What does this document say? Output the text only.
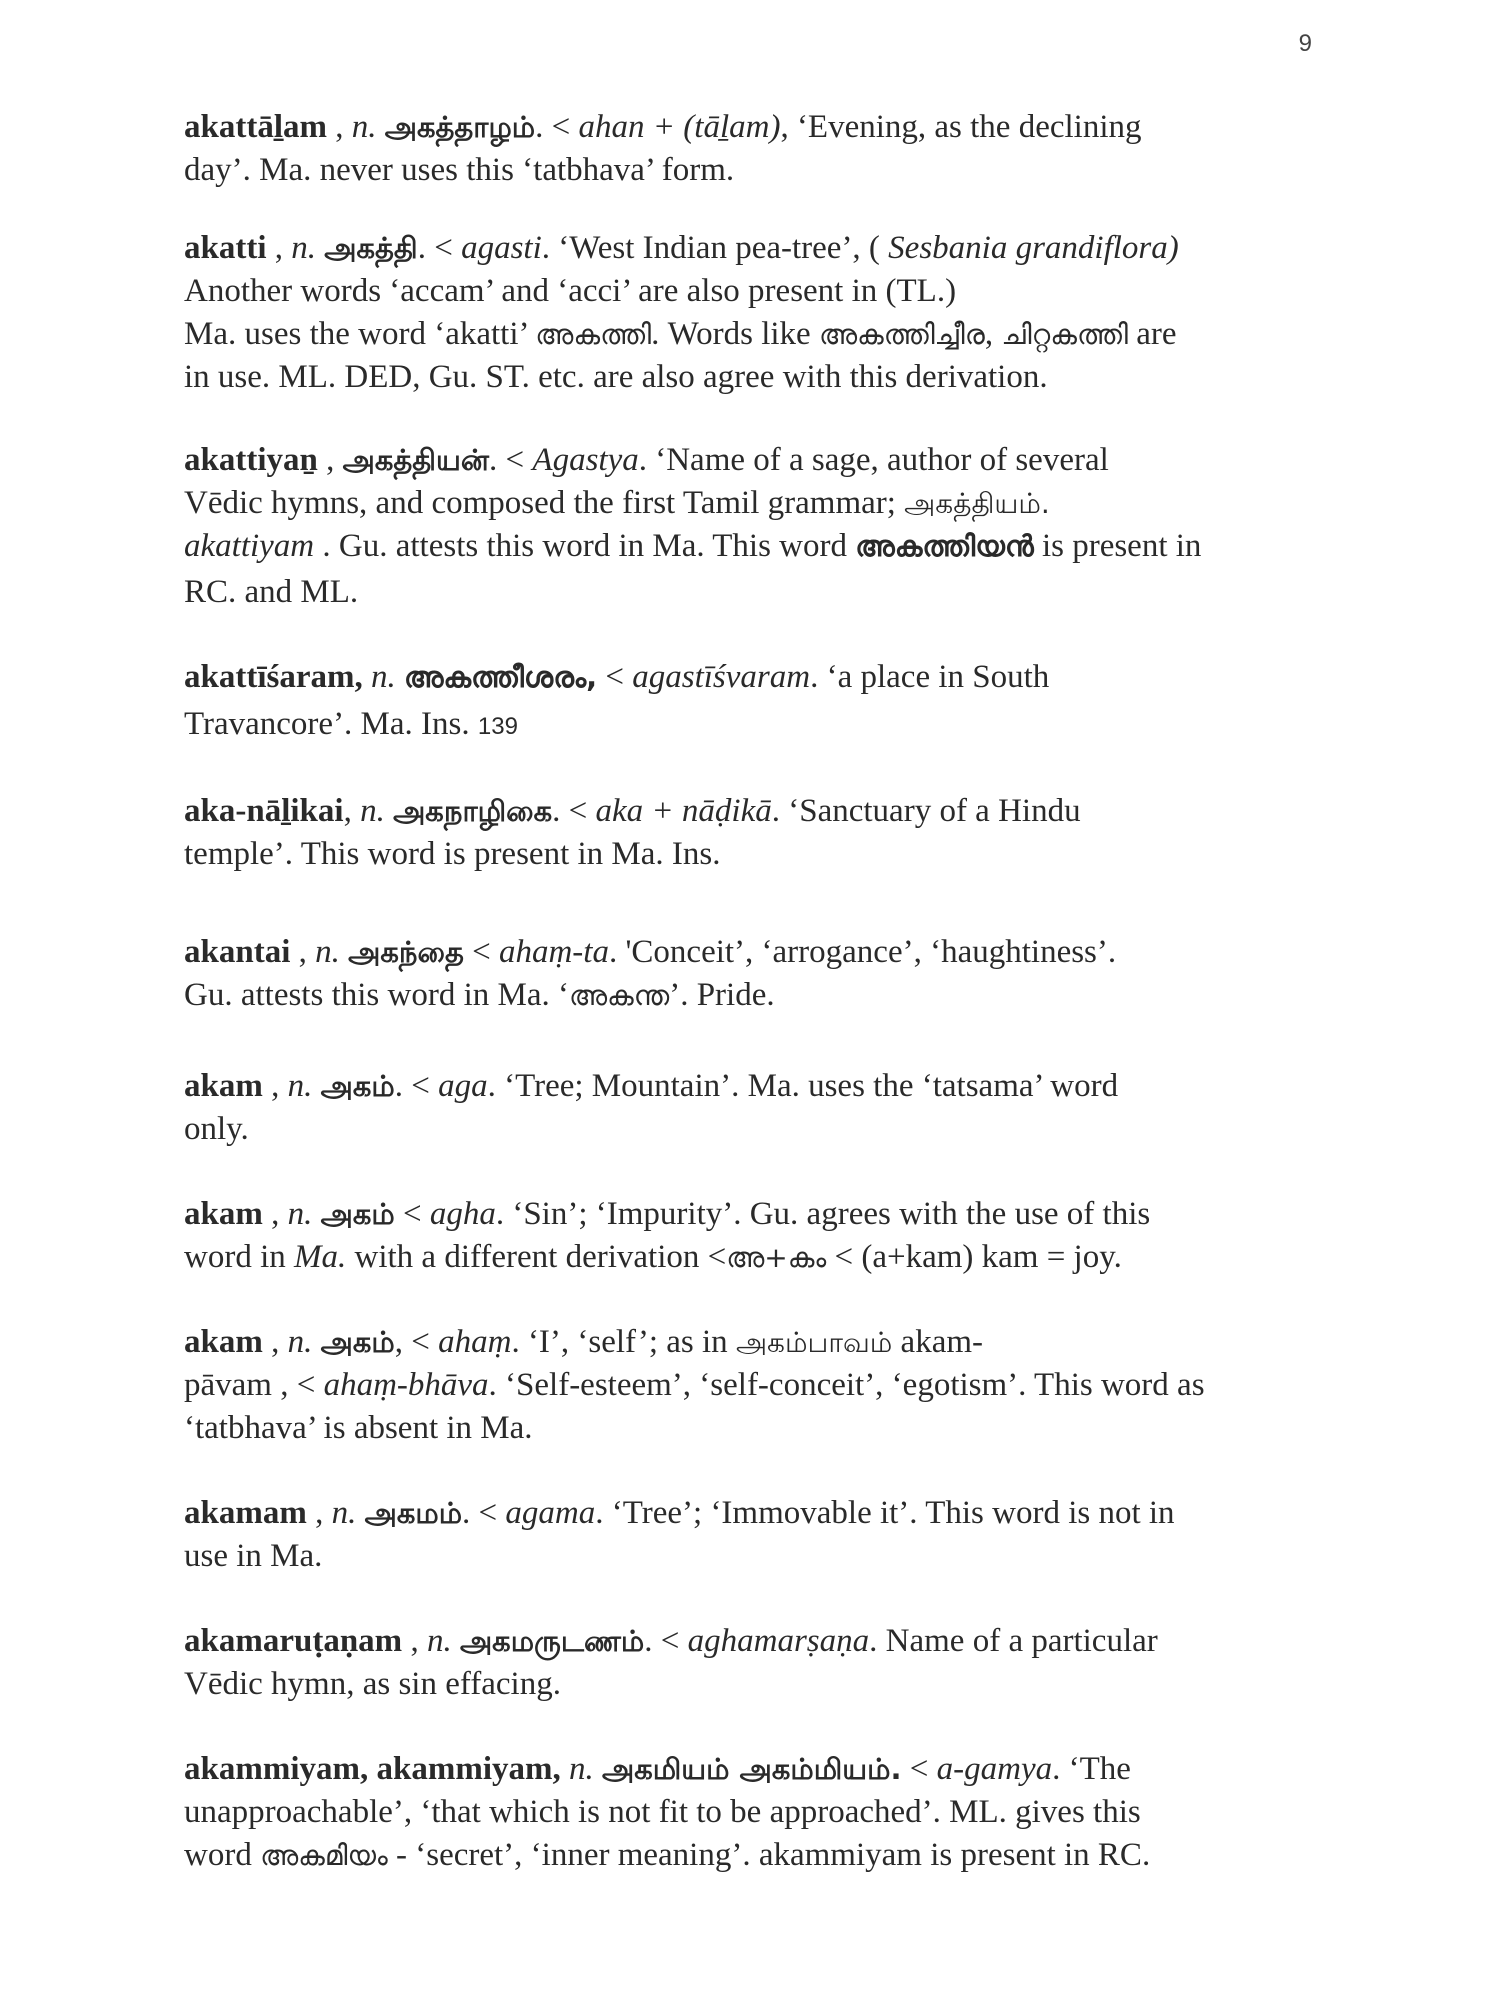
9
akattāḻam , n. அகத்தாழம். < ahan + (tāḻam), ‘Evening, as the declining
day’. Ma. never uses this ‘tatbhava’ form.
akatti , n. அகத்தி. < agasti. ‘West Indian pea-tree’, ( Sesbania grandiflora)
Another words ‘accam’ and ‘acci’ are also present in (TL.)
Ma. uses the word ‘akatti’ അകത്തി. Words like അകത്തിച്ചീര, ചിറ്റകത്തി are
in use. ML. DED, Gu. ST. etc. are also agree with this derivation.
akattiyaṉ , அகத்தியன். < Agastya. ‘Name of a sage, author of several
Vēdic hymns, and composed the first Tamil grammar; அகத்தியம்.
akattiyam . Gu. attests this word in Ma. This word അകത്തിയൻ is present in
RC. and ML.
akattīśaram, n. അകത്തീശരം, < agastīśvaram. ‘a place in South
Travancore’. Ma. Ins. 139
aka-nāḻikai, n. அகநாழிகை. < aka + nāḍikā. ‘Sanctuary of a Hindu
temple’. This word is present in Ma. Ins.
akantai , n. அகந்தை < ahaṃ-ta. 'Conceit’, ‘arrogance’, ‘haughtiness’.
Gu. attests this word in Ma. ‘അകന്ത’. Pride.
akam , n. அகம். < aga. ‘Tree; Mountain’. Ma. uses the ‘tatsama’ word
only.
akam , n. அகம் < agha. ‘Sin’; ‘Impurity’. Gu. agrees with the use of this
word in Ma. with a different derivation <അ+കം < (a+kam) kam = joy.
akam , n. அகம், < ahaṃ. ‘I’, ‘self’; as in அகம்பாவம் akam-
pāvam , < ahaṃ-bhāva. ‘Self-esteem’, ‘self-conceit’, ‘egotism’. This word as
‘tatbhava’ is absent in Ma.
akamam , n. அகமம். < agama. ‘Tree’; ‘Immovable it’. This word is not in
use in Ma.
akamaruṭaṇam , n. அகமருடணம். < aghamarṣaṇa. Name of a particular
Vēdic hymn, as sin effacing.
akammiyam, akammiyam, n. அகமியம் அகம்மியம். < a-gamya. ‘The
unapproachable’, ‘that which is not fit to be approached’. ML. gives this
word അകമിയം - ‘secret’, ‘inner meaning’. akammiyam is present in RC.
